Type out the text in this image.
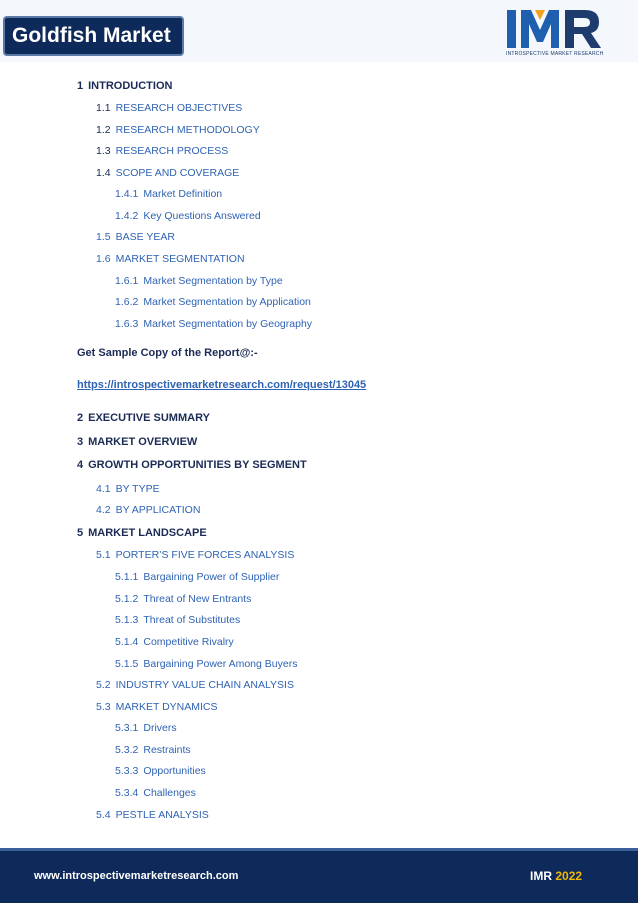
Goldfish Market
INTROSPECTIVE MARKET RESEARCH
1 INTRODUCTION
1.1 RESEARCH OBJECTIVES
1.2 RESEARCH METHODOLOGY
1.3 RESEARCH PROCESS
1.4 SCOPE AND COVERAGE
1.4.1 Market Definition
1.4.2 Key Questions Answered
1.5 BASE YEAR
1.6 MARKET SEGMENTATION
1.6.1 Market Segmentation by Type
1.6.2 Market Segmentation by Application
1.6.3 Market Segmentation by Geography
Get Sample Copy of the Report@:-
https://introspectivemarketresearch.com/request/13045
2 EXECUTIVE SUMMARY
3 MARKET OVERVIEW
4 GROWTH OPPORTUNITIES BY SEGMENT
4.1 BY TYPE
4.2 BY APPLICATION
5 MARKET LANDSCAPE
5.1 PORTER’S FIVE FORCES ANALYSIS
5.1.1 Bargaining Power of Supplier
5.1.2 Threat of New Entrants
5.1.3 Threat of Substitutes
5.1.4 Competitive Rivalry
5.1.5 Bargaining Power Among Buyers
5.2 INDUSTRY VALUE CHAIN ANALYSIS
5.3 MARKET DYNAMICS
5.3.1 Drivers
5.3.2 Restraints
5.3.3 Opportunities
5.3.4 Challenges
5.4 PESTLE ANALYSIS
www.introspectivemarketresearch.com	IMR 2022
